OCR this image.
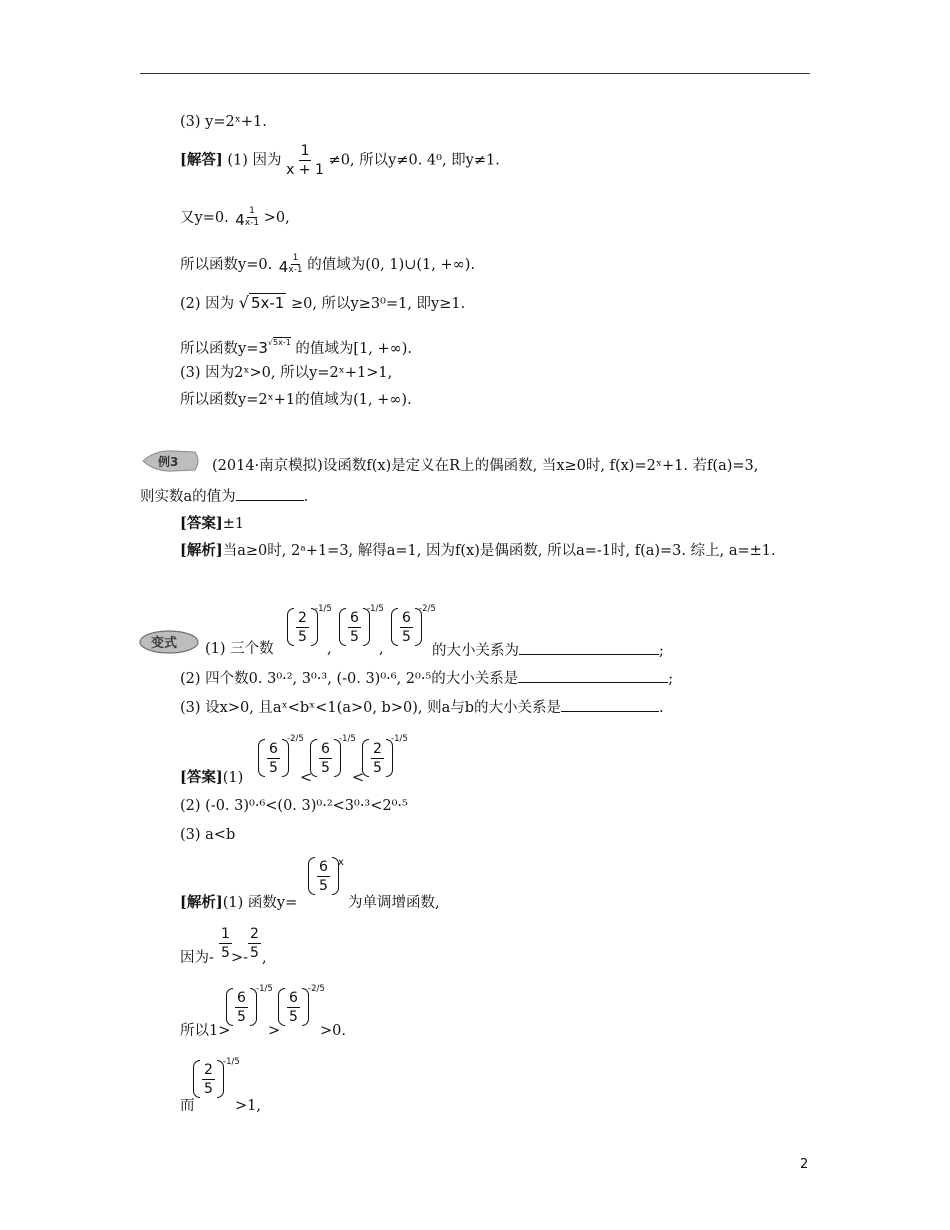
(3) y=2ˣ+1.
[解答] (1) 因为 $\frac{1}{x + 1} \ne 0$, 所以y≠0. 4⁰, 即y≠1.
又y=0. $4 \frac{1}{x-1} >0$,
所以函数y=0. $4 \frac{1}{x-1}$ 的值域为(0, 1)∪(1, +∞).
(2) 因为 √ 5x-1 ≥0, 所以y≥3⁰=1, 即y≥1.
所以函数$y=3^{√5x-1}$ 的值域为[1, +∞).
(3) 因为2ˣ>0, 所以y=2ˣ+1>1,
所以函数y=2ˣ+1的值域为(1, +∞).
例3 (2014·南京模拟)设函数f(x)是定义在R上的偶函数, 当x≥0时, f(x)=2ˣ+1. 若f(a)=3,
则实数a的值为	.
[答案]±1
[解析]当a≥0时, 2ᵃ+1=3, 解得a=1, 因为f(x)是偶函数, 所以a=-1时, f(a)=3. 综上, a=±1.
变式 (1) 三个数
$\frac{2}{5} -1/5$
,
$\frac{6}{5} -1/5$
,
$\frac{6}{5} -2/5$
的大小关系为	;
(2) 四个数0. 3⁰·², 3⁰·³, (-0. 3)⁰·⁶, 2⁰·⁵的大小关系是	;
(3) 设x>0, 且aˣ<bˣ<1(a>0, b>0), 则a与b的大小关系是	.
[答案](1)
$\frac{6}{5}$
-2/5
<
$\frac{6}{5}$
-1/5
<
$\frac{2}{5}$
-1/5
(2) (-0. 3)⁰·⁶<(0. 3)⁰·²<3⁰·³<2⁰·⁵
(3) a<b
[解析](1) 函数y=
$\frac{6}{5}$ x
为单调增函数,
因为- $\frac{1}{5} >- \frac{2}{5}$ ,
所以1>
$\frac{6}{5} -1/5$
>
$\frac{6}{5} -2/5$
>0.
而
$\frac{2}{5} -1/5$
>1,
2
